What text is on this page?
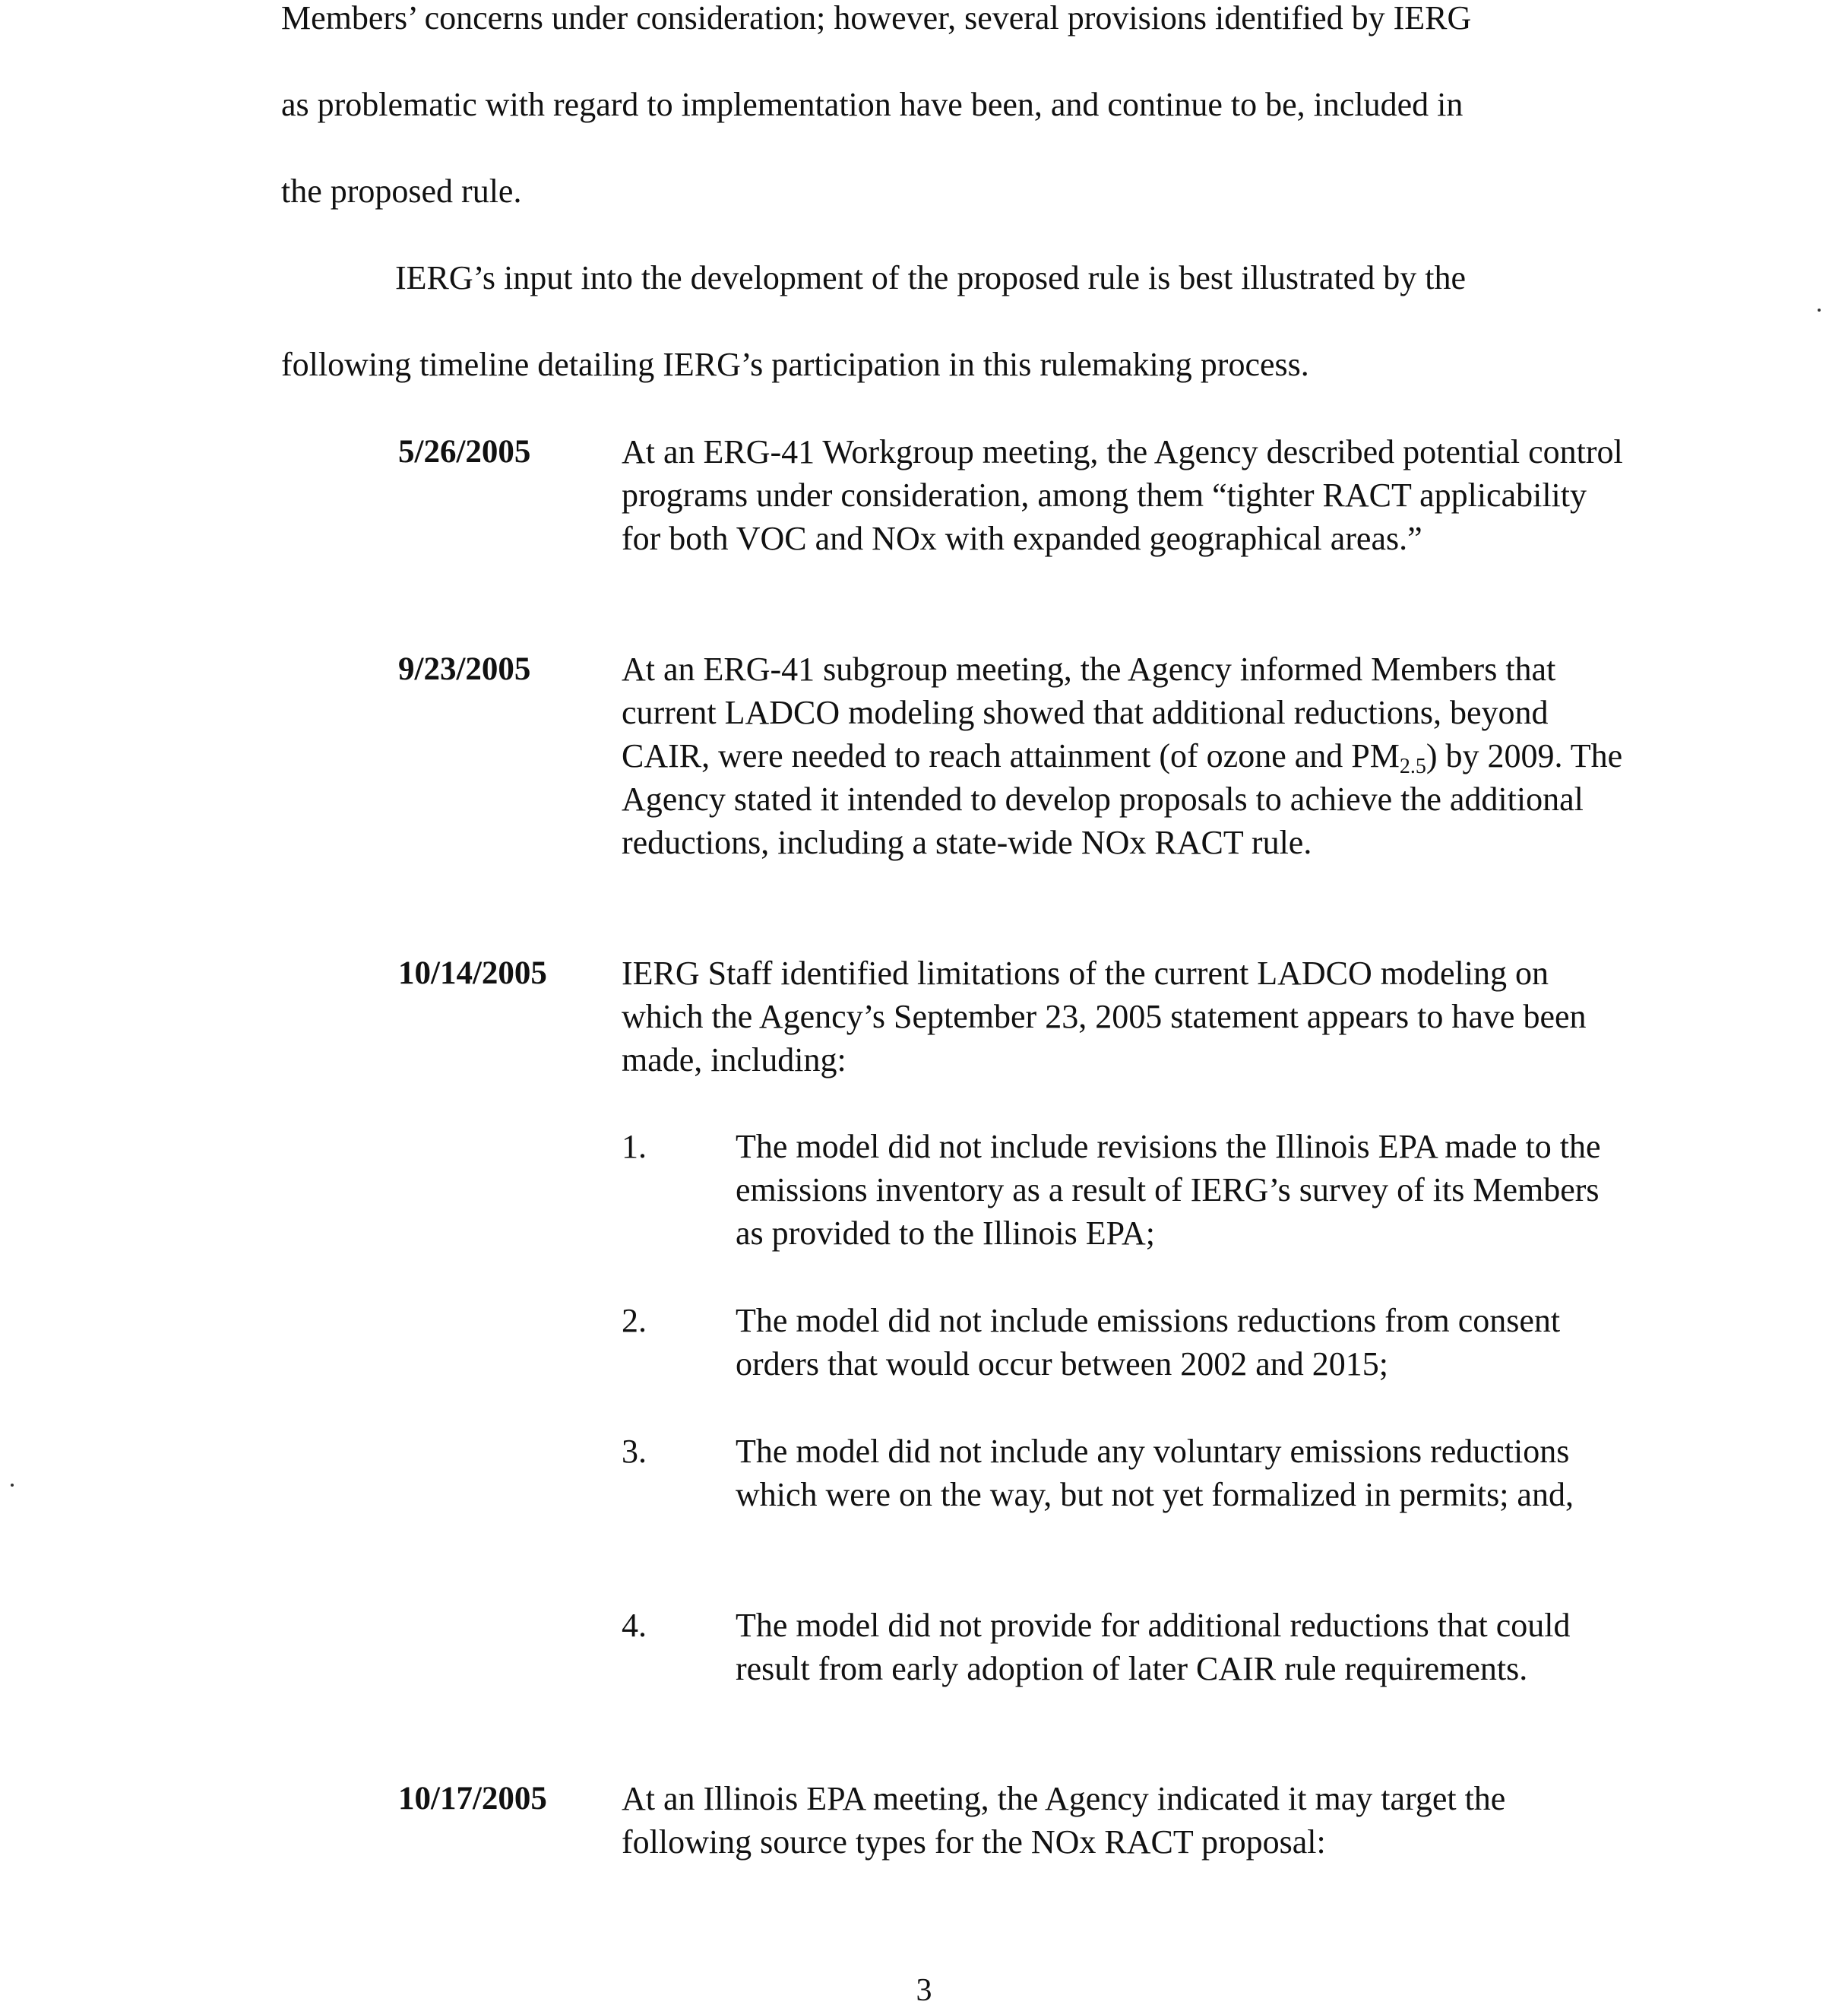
Members’ concerns under consideration; however, several provisions identified by IERG
as problematic with regard to implementation have been, and continue to be, included in
the proposed rule.
IERG’s input into the development of the proposed rule is best illustrated by the
following timeline detailing IERG’s participation in this rulemaking process.
5/26/2005	At an ERG-41 Workgroup meeting, the Agency described potential control programs under consideration, among them “tighter RACT applicability for both VOC and NOx with expanded geographical areas.”
9/23/2005	At an ERG-41 subgroup meeting, the Agency informed Members that current LADCO modeling showed that additional reductions, beyond CAIR, were needed to reach attainment (of ozone and $PM_{2.5}$) by 2009. The Agency stated it intended to develop proposals to achieve the additional reductions, including a state-wide NOx RACT rule.

10/14/2005 IERG Staff identified limitations of the current LADCO modeling on which the Agency’s September 23, 2005 statement appears to have been made, including:
1.	The model did not include revisions the Illinois EPA made to the emissions inventory as a result of IERG’s survey of its Members as provided to the Illinois EPA;
2.	The model did not include emissions reductions from consent orders that would occur between 2002 and 2015;
3.	The model did not include any voluntary emissions reductions which were on the way, but not yet formalized in permits; and,
4.	The model did not provide for additional reductions that could result from early adoption of later CAIR rule requirements.
10/17/2005 At an Illinois EPA meeting, the Agency indicated it may target the following source types for the NOx RACT proposal:
3
